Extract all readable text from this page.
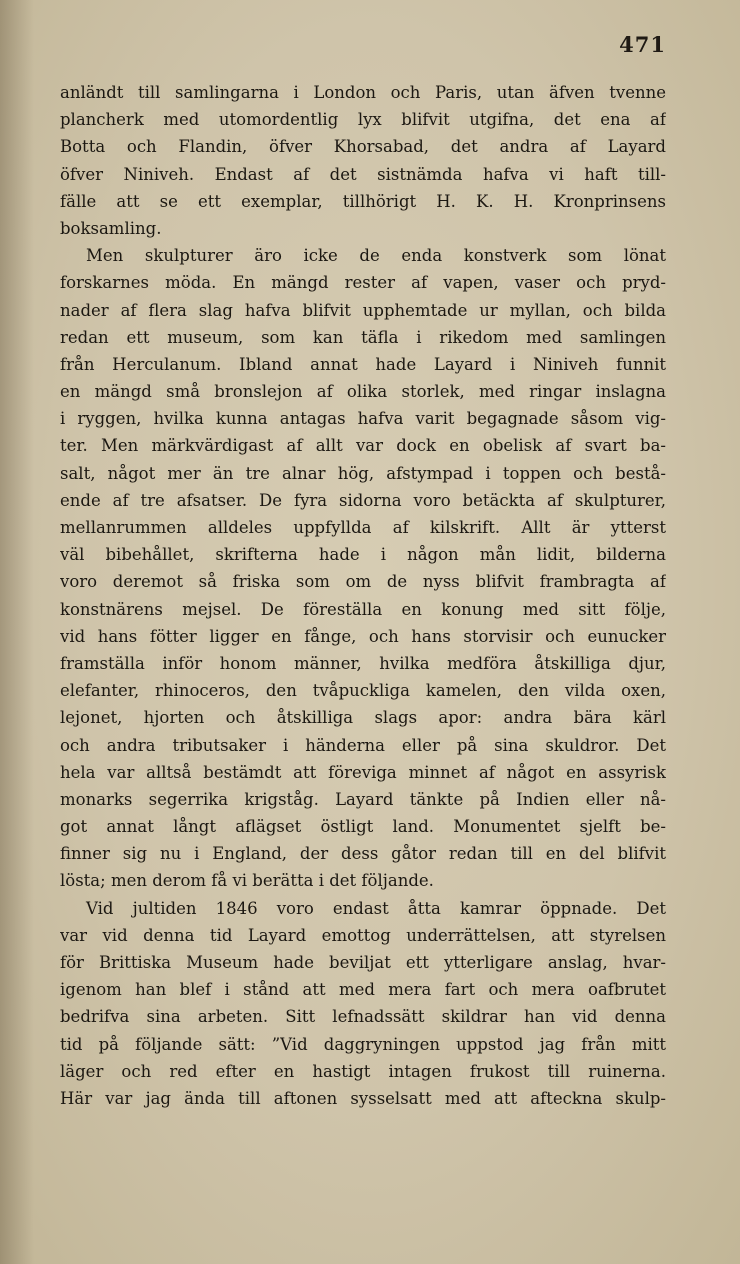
471
anländt till samlingarna i London och Paris, utan äfven tvenne
plancherk med utomordentlig lyx blifvit utgifna, det ena af
Botta och Flandin, öfver Khorsabad, det andra af Layard
öfver Niniveh. Endast af det sistnämda hafva vi haft till-
fälle att se ett exemplar, tillhörigt H. K. H. Kronprinsens
boksamling.
Men skulpturer äro icke de enda konstverk som lönat
forskarnes möda. En mängd rester af vapen, vaser och pryd-
nader af flera slag hafva blifvit upphemtade ur myllan, och bilda
redan ett museum, som kan täfla i rikedom med samlingen
från Herculanum. Ibland annat hade Layard i Niniveh funnit
en mängd små bronslejon af olika storlek, med ringar inslagna
i ryggen, hvilka kunna antagas hafva varit begagnade såsom vig-
ter. Men märkvärdigast af allt var dock en obelisk af svart ba-
salt, något mer än tre alnar hög, afstympad i toppen och bestå-
ende af tre afsatser. De fyra sidorna voro betäckta af skulpturer,
mellanrummen alldeles uppfyllda af kilskrift. Allt är ytterst
väl bibehållet, skrifterna hade i någon mån lidit, bilderna
voro deremot så friska som om de nyss blifvit frambragta af
konstnärens mejsel. De föreställa en konung med sitt följe,
vid hans fötter ligger en fånge, och hans storvisir och eunucker
framställa inför honom männer, hvilka medföra åtskilliga djur,
elefanter, rhinoceros, den tvåpuckliga kamelen, den vilda oxen,
lejonet, hjorten och åtskilliga slags apor: andra bära kärl
och andra tributsaker i händerna eller på sina skuldror. Det
hela var alltså bestämdt att föreviga minnet af något en assyrisk
monarks segerrika krigståg. Layard tänkte på Indien eller nå-
got annat långt aflägset östligt land. Monumentet sjelft be-
finner sig nu i England, der dess gåtor redan till en del blifvit
lösta; men derom få vi berätta i det följande.
Vid jultiden 1846 voro endast åtta kamrar öppnade. Det
var vid denna tid Layard emottog underrättelsen, att styrelsen
för Brittiska Museum hade beviljat ett ytterligare anslag, hvar-
igenom han blef i stånd att med mera fart och mera oafbrutet
bedrifva sina arbeten. Sitt lefnadssätt skildrar han vid denna
tid på följande sätt: ”Vid daggryningen uppstod jag från mitt
läger och red efter en hastigt intagen frukost till ruinerna.
Här var jag ända till aftonen sysselsatt med att afteckna skulp-
